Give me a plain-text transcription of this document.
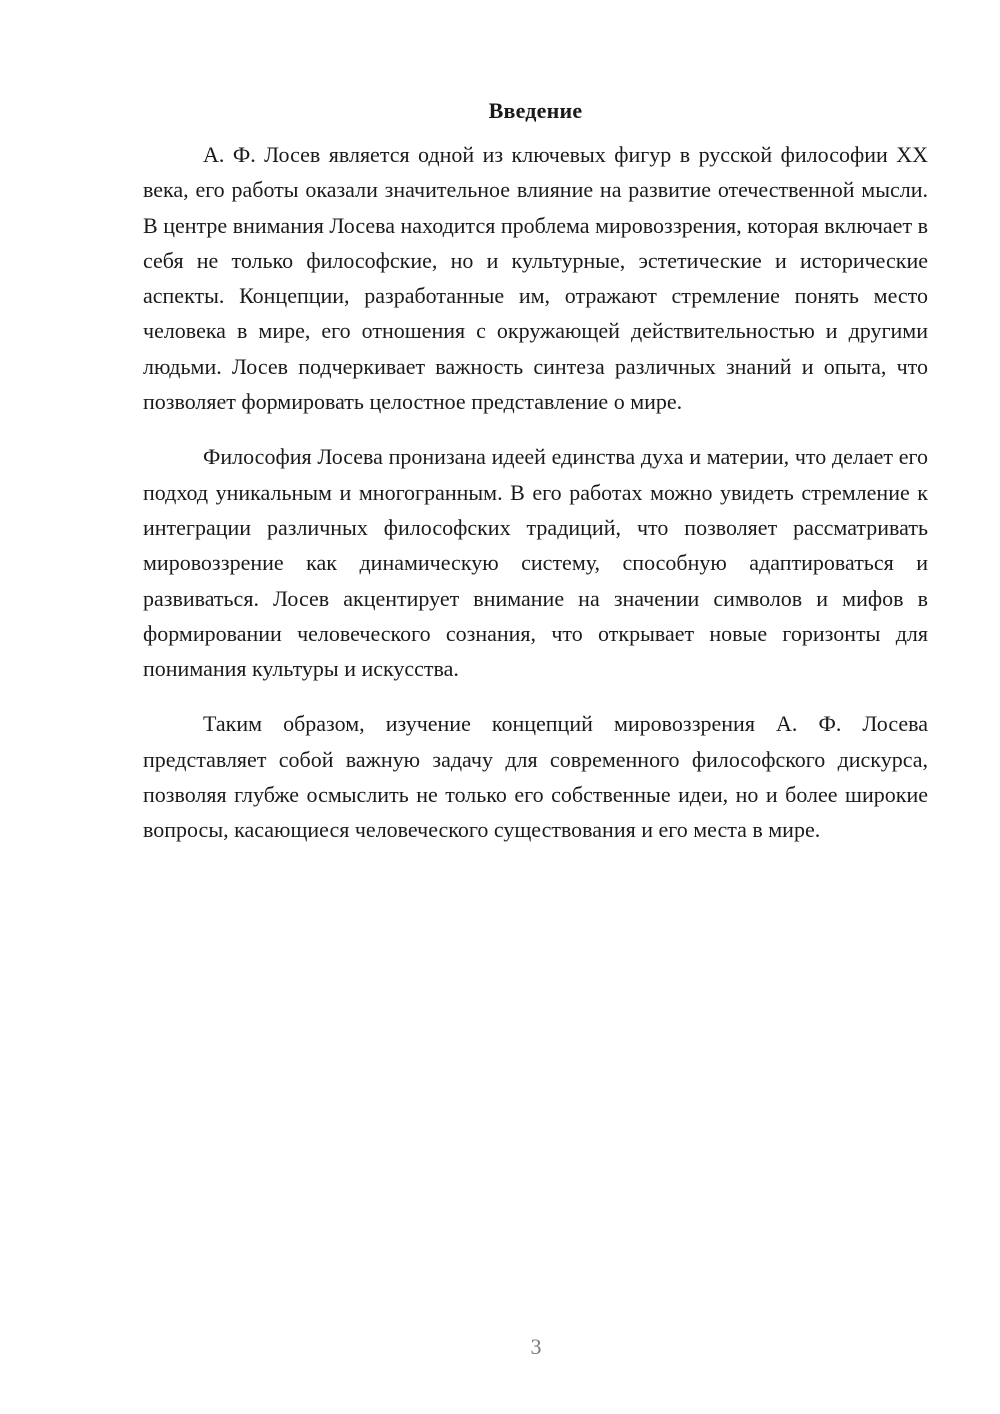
Введение

А. Ф. Лосев является одной из ключевых фигур в русской философии XX века, его работы оказали значительное влияние на развитие отечественной мысли. В центре внимания Лосева находится проблема мировоззрения, которая включает в себя не только философские, но и культурные, эстетические и исторические аспекты. Концепции, разработанные им, отражают стремление понять место человека в мире, его отношения с окружающей действительностью и другими людьми. Лосев подчеркивает важность синтеза различных знаний и опыта, что позволяет формировать целостное представление о мире.

Философия Лосева пронизана идеей единства духа и материи, что делает его подход уникальным и многогранным. В его работах можно увидеть стремление к интеграции различных философских традиций, что позволяет рассматривать мировоззрение как динамическую систему, способную адаптироваться и развиваться. Лосев акцентирует внимание на значении символов и мифов в формировании человеческого сознания, что открывает новые горизонты для понимания культуры и искусства.

Таким образом, изучение концепций мировоззрения А. Ф. Лосева представляет собой важную задачу для современного философского дискурса, позволяя глубже осмыслить не только его собственные идеи, но и более широкие вопросы, касающиеся человеческого существования и его места в мире.

3
